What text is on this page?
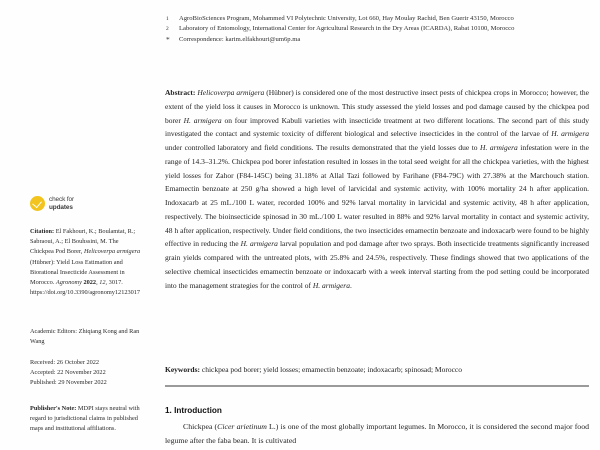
check for
updates
Citation: El Fakhouri, K.; Boulamtat, R.; Sabraoui, A.; El Bouhssini, M. The Chickpea Pod Borer, Helicoverpa armigera (Hübner): Yield Loss Estimation and Biorational Insecticide Assessment in Morocco. Agronomy 2022, 12, 3017. https://doi.org/10.3390/agronomy12123017
Academic Editors: Zhiqiang Kong and Ran Wang
Received: 26 October 2022
Accepted: 22 November 2022
Published: 29 November 2022
Publisher's Note: MDPI stays neutral with regard to jurisdictional claims in published maps and institutional affiliations.
1	AgroBioSciences Program, Mohammed VI Polytechnic University, Lot 660, Hay Moulay Rachid, Ben Guerir 43150, Morocco
2	Laboratory of Entomology, International Center for Agricultural Research in the Dry Areas (ICARDA), Rabat 10100, Morocco
*	Correspondence: karim.elfakhouri@um6p.ma
Abstract: Helicoverpa armigera (Hübner) is considered one of the most destructive insect pests of chickpea crops in Morocco; however, the extent of the yield loss it causes in Morocco is unknown. This study assessed the yield losses and pod damage caused by the chickpea pod borer H. armigera on four improved Kabuli varieties with insecticide treatment at two different locations. The second part of this study investigated the contact and systemic toxicity of different biological and selective insecticides in the control of the larvae of H. armigera under controlled laboratory and field conditions. The results demonstrated that the yield losses due to H. armigera infestation were in the range of 14.3–31.2%. Chickpea pod borer infestation resulted in losses in the total seed weight for all the chickpea varieties, with the highest yield losses for Zahor (F84-145C) being 31.18% at Allal Tazi followed by Farihane (F84-79C) with 27.38% at the Marchouch station. Emamectin benzoate at 250 g/ha showed a high level of larvicidal and systemic activity, with 100% mortality 24 h after application. Indoxacarb at 25 mL./100 L water, recorded 100% and 92% larval mortality in larvicidal and systemic activity, 48 h after application, respectively. The bioinsecticide spinosad in 30 mL./100 L water resulted in 88% and 92% larval mortality in contact and systemic activity, 48 h after application, respectively. Under field conditions, the two insecticides emamectin benzoate and indoxacarb were found to be highly effective in reducing the H. armigera larval population and pod damage after two sprays. Both insecticide treatments significantly increased grain yields compared with the untreated plots, with 25.8% and 24.5%, respectively. These findings showed that two applications of the selective chemical insecticides emamectin benzoate or indoxacarb with a week interval starting from the pod setting could be incorporated into the management strategies for the control of H. armigera.
Keywords: chickpea pod borer; yield losses; emamectin benzoate; indoxacarb; spinosad; Morocco
1. Introduction
Chickpea (Cicer arietinum L.) is one of the most globally important legumes. In Morocco, it is considered the second major food legume after the faba bean. It is cultivated
